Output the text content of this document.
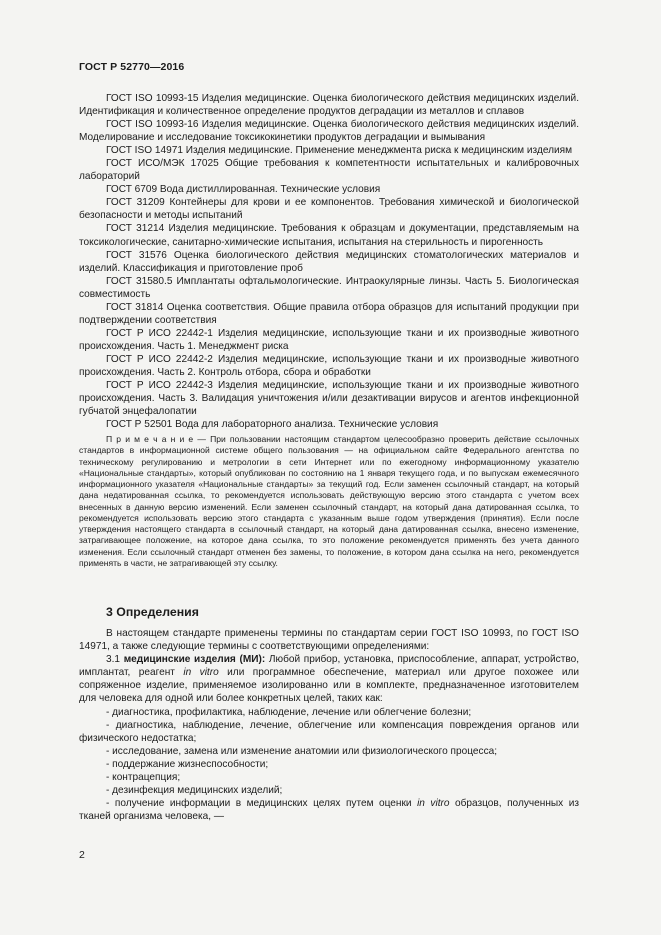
ГОСТ Р 52770—2016

ГОСТ ISO 10993-15 Изделия медицинские. Оценка биологического действия медицинских изделий. Идентификация и количественное определение продуктов деградации из металлов и сплавов

ГОСТ ISO 10993-16 Изделия медицинские. Оценка биологического действия медицинских изделий. Моделирование и исследование токсикокинетики продуктов деградации и вымывания

ГОСТ ISO 14971 Изделия медицинские. Применение менеджмента риска к медицинским изделиям

ГОСТ ИСО/МЭК 17025 Общие требования к компетентности испытательных и калибровочных лабораторий

ГОСТ 6709 Вода дистиллированная. Технические условия

ГОСТ 31209 Контейнеры для крови и ее компонентов. Требования химической и биологической безопасности и методы испытаний

ГОСТ 31214 Изделия медицинские. Требования к образцам и документации, представляемым на токсикологические, санитарно-химические испытания, испытания на стерильность и пирогенность

ГОСТ 31576 Оценка биологического действия медицинских стоматологических материалов и изделий. Классификация и приготовление проб

ГОСТ 31580.5 Имплантаты офтальмологические. Интраокулярные линзы. Часть 5. Биологическая совместимость

ГОСТ 31814 Оценка соответствия. Общие правила отбора образцов для испытаний продукции при подтверждении соответствия

ГОСТ Р ИСО 22442-1 Изделия медицинские, использующие ткани и их производные животного происхождения. Часть 1. Менеджмент риска

ГОСТ Р ИСО 22442-2 Изделия медицинские, использующие ткани и их производные животного происхождения. Часть 2. Контроль отбора, сбора и обработки

ГОСТ Р ИСО 22442-3 Изделия медицинские, использующие ткани и их производные животного происхождения. Часть 3. Валидация уничтожения и/или дезактивации вирусов и агентов инфекционной губчатой энцефалопатии

ГОСТ Р 52501 Вода для лабораторного анализа. Технические условия

П р и м е ч а н и е — При пользовании настоящим стандартом целесообразно проверить действие ссылочных стандартов в информационной системе общего пользования — на официальном сайте Федерального агентства по техническому регулированию и метрологии в сети Интернет или по ежегодному информационному указателю «Национальные стандарты», который опубликован по состоянию на 1 января текущего года, и по выпускам ежемесячного информационного указателя «Национальные стандарты» за текущий год. Если заменен ссылочный стандарт, на который дана недатированная ссылка, то рекомендуется использовать действующую версию этого стандарта с учетом всех внесенных в данную версию изменений. Если заменен ссылочный стандарт, на который дана датированная ссылка, то рекомендуется использовать версию этого стандарта с указанным выше годом утверждения (принятия). Если после утверждения настоящего стандарта в ссылочный стандарт, на который дана датированная ссылка, внесено изменение, затрагивающее положение, на которое дана ссылка, то это положение рекомендуется применять без учета данного изменения. Если ссылочный стандарт отменен без замены, то положение, в котором дана ссылка на него, рекомендуется применять в части, не затрагивающей эту ссылку.

3 Определения

В настоящем стандарте применены термины по стандартам серии ГОСТ ISO 10993, по ГОСТ ISO 14971, а также следующие термины с соответствующими определениями:

3.1 медицинские изделия (МИ): Любой прибор, установка, приспособление, аппарат, устройство, имплантат, реагент in vitro или программное обеспечение, материал или другое похожее или сопряженное изделие, применяемое изолированно или в комплекте, предназначенное изготовителем для человека для одной или более конкретных целей, таких как:

- диагностика, профилактика, наблюдение, лечение или облегчение болезни;

- диагностика, наблюдение, лечение, облегчение или компенсация повреждения органов или физического недостатка;

- исследование, замена или изменение анатомии или физиологического процесса;

- поддержание жизнеспособности;

- контрацепция;

- дезинфекция медицинских изделий;

- получение информации в медицинских целях путем оценки in vitro образцов, полученных из тканей организма человека, —

2
